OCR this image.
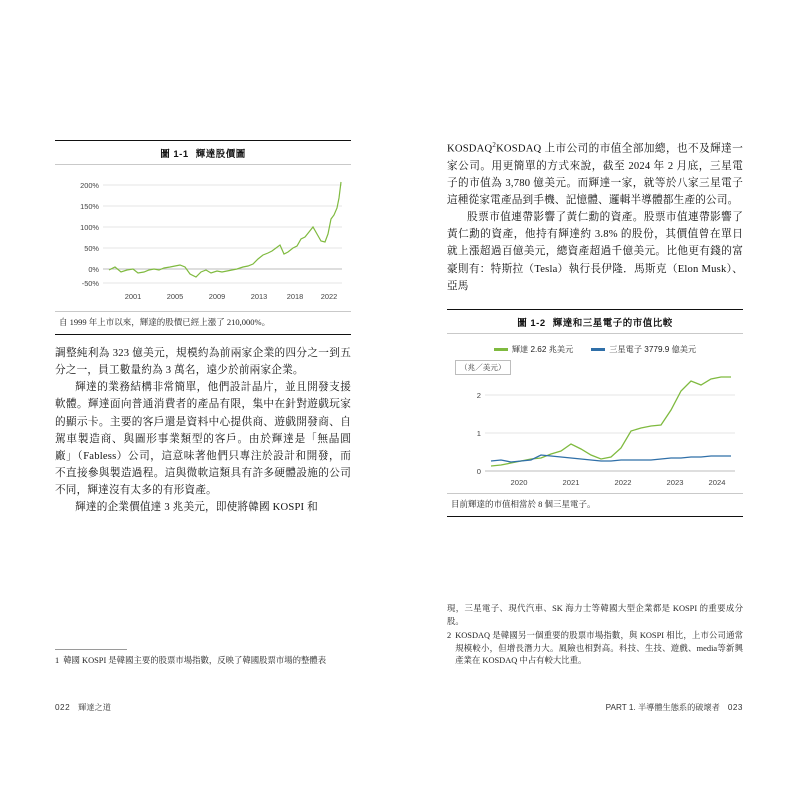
圖 1-1 輝達股價圖
200%
150%
100%
50%
0%
-50%
2001	2005	2009	2013	2018 2022
自 1999 年上市以來，輝達的股價已經上漲了 210,000%。

調整純利為 323 億美元，規模約為前兩家企業的四分之一到五分之一，員工數量約為 3 萬名，遠少於前兩家企業。

輝達的業務結構非常簡單，他們設計晶片，並且開發支援軟體。輝達面向普通消費者的產品有限，集中在針對遊戲玩家的顯示卡。主要的客戶還是資料中心提供商、遊戲開發商、自駕車製造商、與圖形事業類型的客戶。由於輝達是「無晶圓廠」（Fabless）公司，這意味著他們只專注於設計和開發，而不直接參與製造過程。這與微軟這類具有許多硬體設施的公司不同，輝達沒有太多的有形資產。

輝達的企業價值達 3 兆美元，即使將韓國 KOSPI 和

1 韓國 KOSPI 是韓國主要的股票市場指數，反映了韓國股票市場的整體表
022 輝達之道

KOSDAQ$^2$KOSDAQ 上市公司的市值全部加總，也不及輝達一家公司。用更簡單的方式來說，截至 2024 年 2 月底，三星電子的市值為 3,780 億美元。而輝達一家，就等於八家三星電子這種從家電產品到手機、記憶體、邏輯半導體都生產的公司。

股票市值連帶影響了黃仁勳的資產。股票市值連帶影響了黃仁勳的資產，他持有輝達約 3.8% 的股份，其價值曾在單日就上漲超過百億美元，總資產超過千億美元。比他更有錢的富豪則有：特斯拉（Tesla）執行長伊隆．馬斯克（Elon Musk）、亞馬

圖 1-2 輝達和三星電子的市值比較
輝達 2.62 兆美元	三星電子 3779.9 億美元
（兆／美元）
0
1
2
2020	2021	2022	2023	2024
目前輝達的市值相當於 8 個三星電子。
現，三星電子、現代汽車、SK 海力士等韓國大型企業都是 KOSPI 的重要成分股。
2 KOSDAQ 是韓國另一個重要的股票市場指數，與 KOSPI 相比，上市公司通常規模較小，但增長潛力大。風險也相對高。科技、生技、遊戲、media等新興產業在 KOSDAQ 中占有較大比重。
PART 1. 半導體生態系的破壞者 023
